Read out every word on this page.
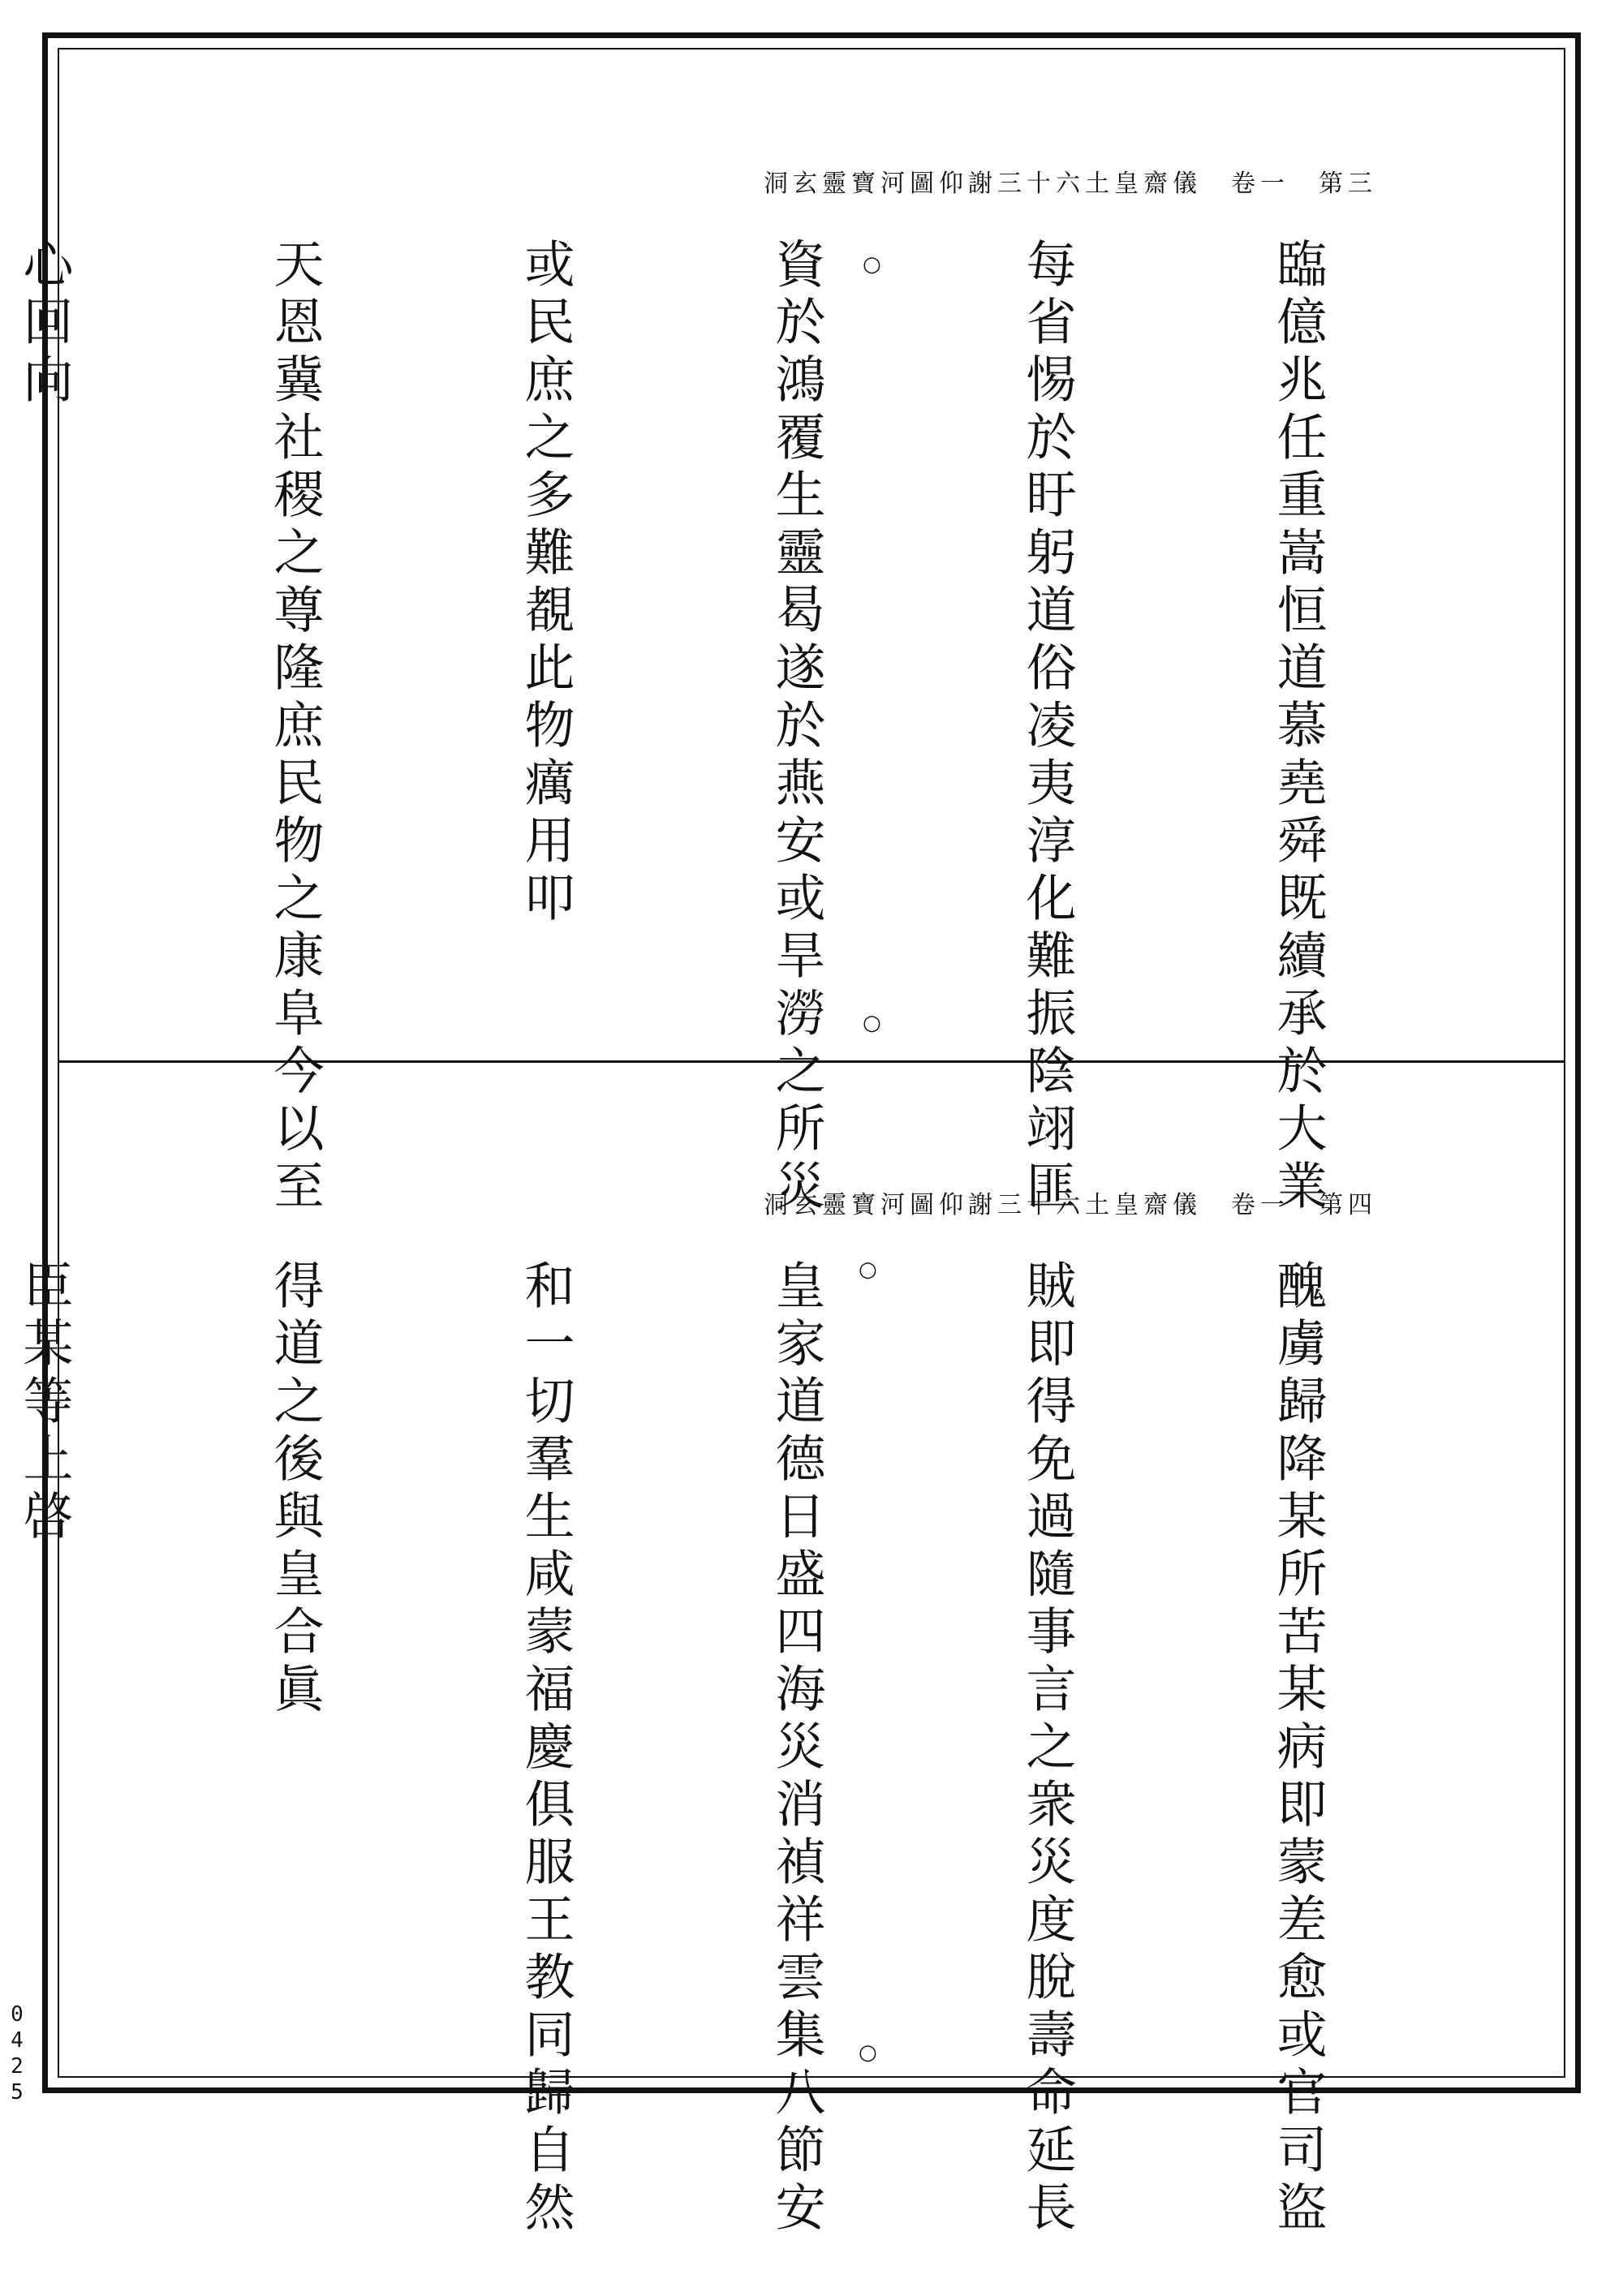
洞玄靈寶河圖仰謝三十六土皇齋儀　卷一　第三

臨億兆任重嵩恒道慕堯舜既續承於大業

每省惕於盱躬道俗凌夷淳化難振陰翊匪

資於鴻覆生靈曷遂於燕安或旱澇之所災

或民庶之多難覩此物癘用叩

天恩冀社稷之尊隆庶民物之康阜今以至

心回向

	○
○
洞玄靈寶河圖仰謝三十六土皇齋儀　卷一　第四

醜虜歸降某所苦某病即蒙差愈或官司盜

賊即得免過隨事言之衆災度脫壽命延長

皇家道德日盛四海災消禎祥雲集八節安

和一切羣生咸蒙福慶俱服王教同歸自然

得道之後與皇合眞

臣某等上啓

	○
○
0425
